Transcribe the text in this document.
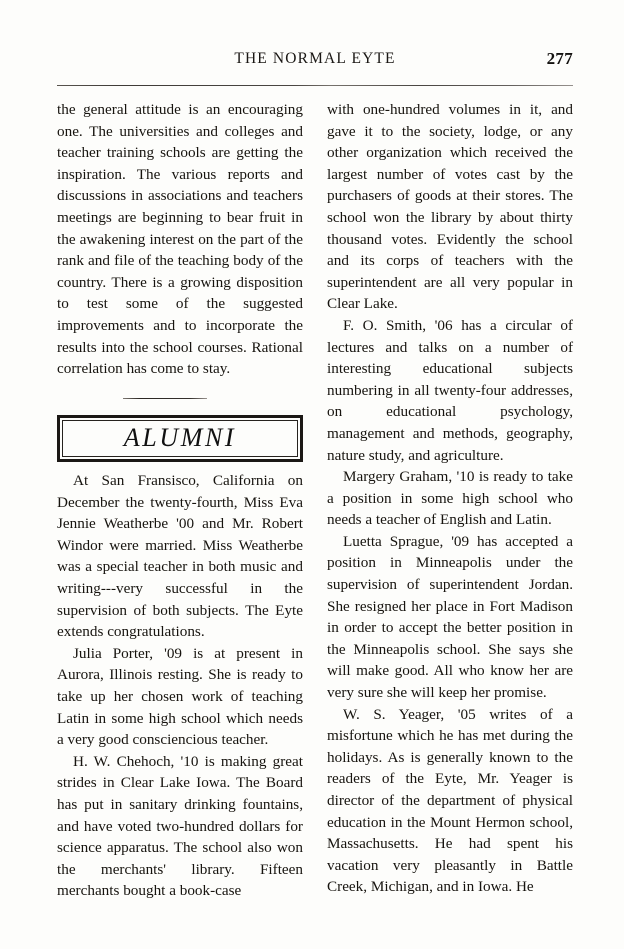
THE NORMAL EYTE	277

the general attitude is an encouraging one. The universities and colleges and teacher training schools are getting the inspiration. The various reports and discussions in associations and teachers meetings are beginning to bear fruit in the awakening interest on the part of the rank and file of the teaching body of the country. There is a growing disposition to test some of the suggested improvements and to incorporate the results into the school courses. Rational correlation has come to stay.

ALUMNI

At San Fransisco, California on December the twenty-fourth, Miss Eva Jennie Weatherbe '00 and Mr. Robert Windor were married. Miss Weatherbe was a special teacher in both music and writing---very successful in the supervision of both subjects. The Eyte extends congratulations.

Julia Porter, '09 is at present in Aurora, Illinois resting. She is ready to take up her chosen work of teaching Latin in some high school which needs a very good consciencious teacher.

H. W. Chehoch, '10 is making great strides in Clear Lake Iowa. The Board has put in sanitary drinking fountains, and have voted two-hundred dollars for science apparatus. The school also won the merchants' library. Fifteen merchants bought a book-case

with one-hundred volumes in it, and gave it to the society, lodge, or any other organization which received the largest number of votes cast by the purchasers of goods at their stores. The school won the library by about thirty thousand votes. Evidently the school and its corps of teachers with the superintendent are all very popular in Clear Lake.

F. O. Smith, '06 has a circular of lectures and talks on a number of interesting educational subjects numbering in all twenty-four addresses, on educational psychology, management and methods, geography, nature study, and agriculture.

Margery Graham, '10 is ready to take a position in some high school who needs a teacher of English and Latin.

Luetta Sprague, '09 has accepted a position in Minneapolis under the supervision of superintendent Jordan. She resigned her place in Fort Madison in order to accept the better position in the Minneapolis school. She says she will make good. All who know her are very sure she will keep her promise.

W. S. Yeager, '05 writes of a misfortune which he has met during the holidays. As is generally known to the readers of the Eyte, Mr. Yeager is director of the department of physical education in the Mount Hermon school, Massachusetts. He had spent his vacation very pleasantly in Battle Creek, Michigan, and in Iowa. He
